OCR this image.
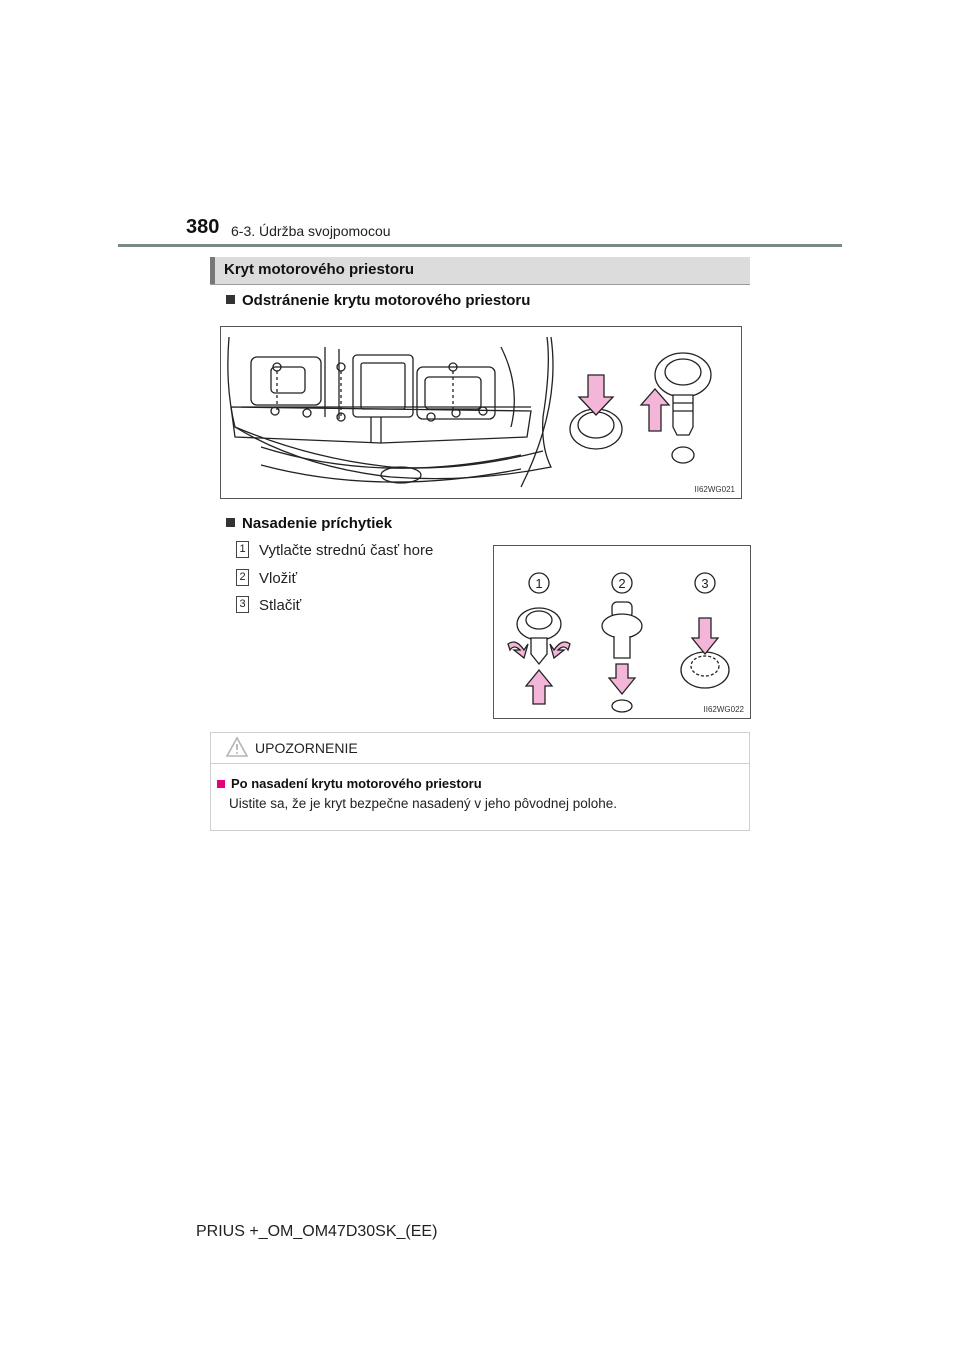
380 6-3. Údržba svojpomocou
Kryt motorového priestoru
Odstránenie krytu motorového priestoru
II62WG021
Nasadenie príchytiek
1 Vytlačte strednú časť hore
2 Vložiť
3 Stlačiť
1	2	3
II62WG022
UPOZORNENIE
Po nasadení krytu motorového priestoru
Uistite sa, že je kryt bezpečne nasadený v jeho pôvodnej polohe.
PRIUS +_OM_OM47D30SK_(EE)
